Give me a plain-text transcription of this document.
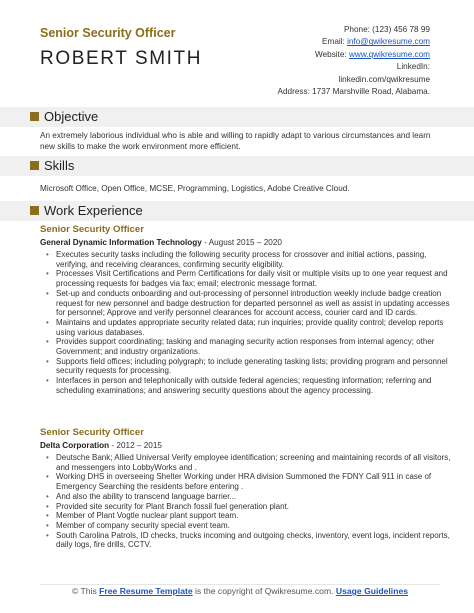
Senior Security Officer
ROBERT SMITH
Phone: (123) 456 78 99
Email: info@qwikresume.com
Website: www.qwikresume.com
LinkedIn:
linkedin.com/qwikresume
Address: 1737 Marshville Road, Alabama.
Objective
An extremely laborious individual who is able and willing to rapidly adapt to various circumstances and learn new skills to make the work environment more efficient.
Skills
Microsoft Office, Open Office, MCSE, Programming, Logistics, Adobe Creative Cloud.
Work Experience
Senior Security Officer
General Dynamic Information Technology - August 2015 – 2020
• Executes security tasks including the following security process for crossover and initial actions, passing, verifying, and receiving clearances, confirming security eligibility.
• Processes Visit Certifications and Perm Certifications for daily visit or multiple visits up to one year request and processing requests for badges via fax; email; electronic message format.
• Set-up and conducts onboarding and out-processing of personnel introduction weekly include badge creation request for new personnel and badge destruction for departed personnel as well as assist in updating accesses for personnel; Approve and verify personnel clearances for account access, courier card and ID cards.
• Maintains and updates appropriate security related data; run inquiries; provide quality control; develop reports using various databases.
• Provides support coordinating; tasking and managing security action responses from internal agency; other Government; and industry organizations.
• Supports field offices; including polygraph; to include generating tasking lists; providing program and personnel security requests for processing.
• Interfaces in person and telephonically with outside federal agencies; requesting information; referring and scheduling examinations; and answering security questions about the agency processing.
Senior Security Officer
Delta Corporation - 2012 – 2015
• Deutsche Bank; Allied Universal Verify employee identification; screening and maintaining records of all visitors, and messengers into LobbyWorks and .
• Working DHS in overseeing Shelter Working under HRA division Summoned the FDNY Call 911 in case of Emergency Searching the residents before entering .
• And also the ability to transcend language barrier...
• Provided site security for Plant Branch fossil fuel generation plant.
• Member of Plant Vogtle nuclear plant support team.
• Member of company security special event team.
• South Carolina Patrols, ID checks, trucks incoming and outgoing checks, inventory, event logs, incident reports, daily logs, fire drills, CCTV.
© This Free Resume Template is the copyright of Qwikresume.com. Usage Guidelines
